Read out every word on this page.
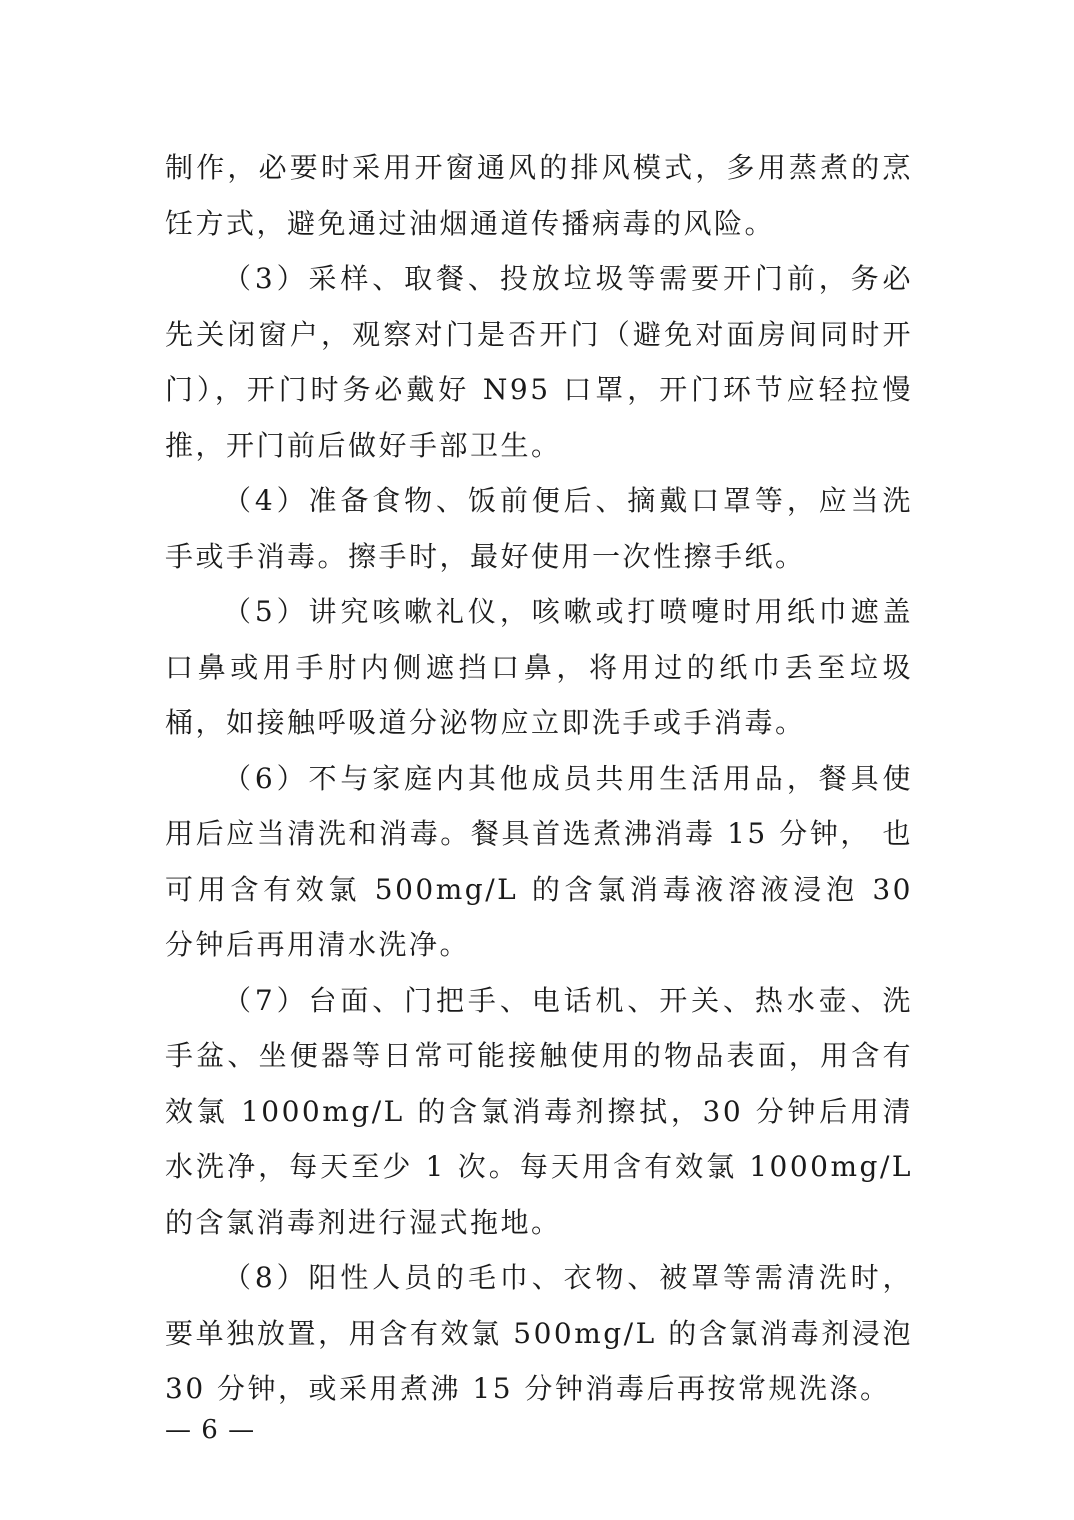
制作，必要时采用开窗通风的排风模式，多用蒸煮的烹饪方式，避免通过油烟通道传播病毒的风险。

（3）采样、取餐、投放垃圾等需要开门前，务必先关闭窗户，观察对门是否开门（避免对面房间同时开门），开门时务必戴好 N95 口罩，开门环节应轻拉慢推，开门前后做好手部卫生。

（4）准备食物、饭前便后、摘戴口罩等，应当洗手或手消毒。擦手时，最好使用一次性擦手纸。

（5）讲究咳嗽礼仪，咳嗽或打喷嚏时用纸巾遮盖口鼻或用手肘内侧遮挡口鼻，将用过的纸巾丢至垃圾桶，如接触呼吸道分泌物应立即洗手或手消毒。

（6）不与家庭内其他成员共用生活用品，餐具使用后应当清洗和消毒。餐具首选煮沸消毒 15 分钟， 也可用含有效氯 500mg/L 的含氯消毒液溶液浸泡 30 分钟后再用清水洗净。

（7）台面、门把手、电话机、开关、热水壶、洗手盆、坐便器等日常可能接触使用的物品表面，用含有效氯 1000mg/L 的含氯消毒剂擦拭，30 分钟后用清水洗净，每天至少 1 次。每天用含有效氯 1000mg/L 的含氯消毒剂进行湿式拖地。

（8）阳性人员的毛巾、衣物、被罩等需清洗时，要单独放置，用含有效氯 500mg/L 的含氯消毒剂浸泡 30 分钟，或采用煮沸 15 分钟消毒后再按常规洗涤。

— 6 —
